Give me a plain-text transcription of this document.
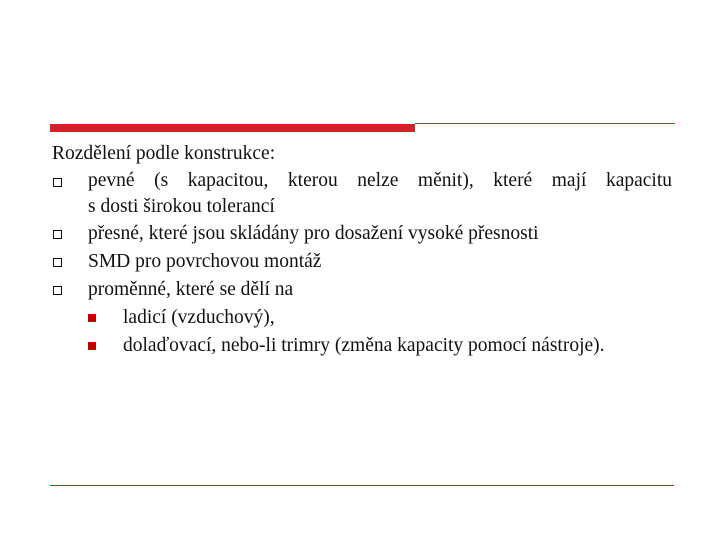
Rozdělení podle konstrukce:

pevné (s kapacitou, kterou nelze měnit), které mají kapacitu
s dosti širokou tolerancí
přesné, které jsou skládány pro dosažení vysoké přesnosti
SMD pro povrchovou montáž
proměnné, které se dělí na
ladicí (vzduchový),
dolaďovací, nebo-li trimry (změna kapacity pomocí nástroje).
